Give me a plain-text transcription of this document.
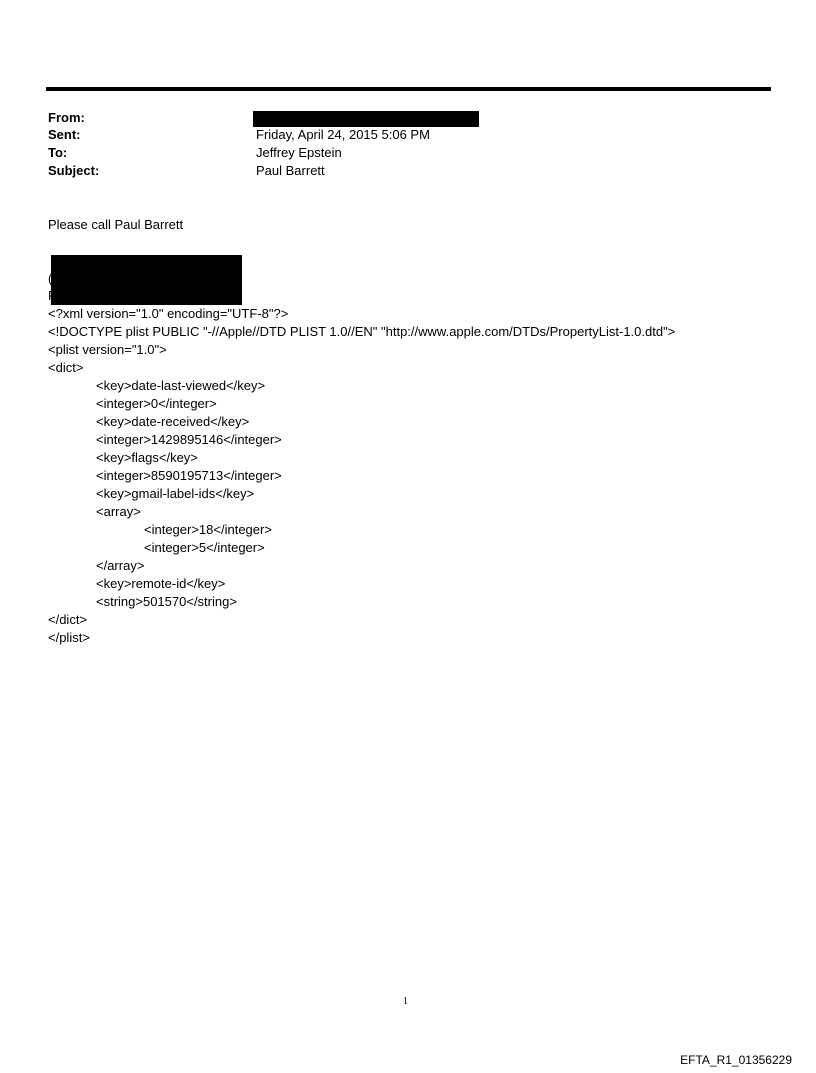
From:
Sent:	Friday, April 24, 2015 5:06 PM
To:	Jeffrey Epstein
Subject:	Paul Barrett
Please call Paul Barrett
(
F
<?xml version="1.0" encoding="UTF-8"?>
<!DOCTYPE plist PUBLIC "-//Apple//DTD PLIST 1.0//EN" "http://www.apple.com/DTDs/PropertyList-1.0.dtd">
<plist version="1.0">
<dict>
<key>date-last-viewed</key>
<integer>0</integer>
<key>date-received</key>
<integer>1429895146</integer>
<key>flags</key>
<integer>8590195713</integer>
<key>gmail-label-ids</key>
<array>
<integer>18</integer>
<integer>5</integer>
</array>
<key>remote-id</key>
<string>501570</string>
</dict>
</plist>
1
EFTA_R1_01356229
